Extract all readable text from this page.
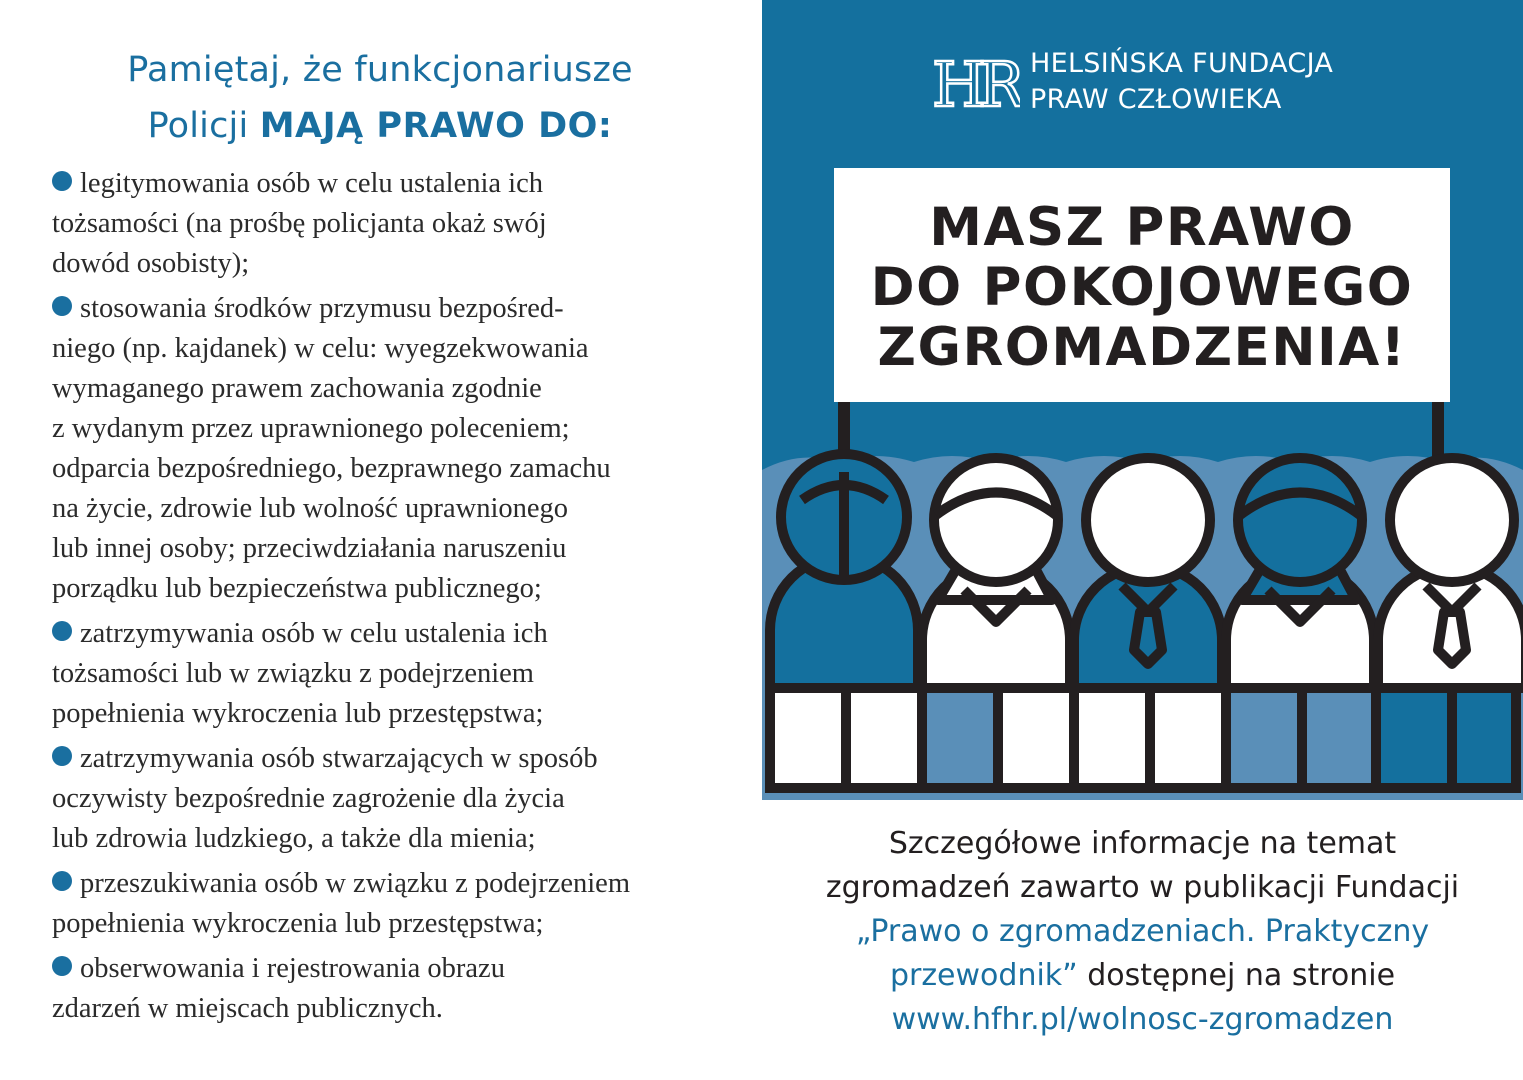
Pamiętaj, że funkcjonariusze
Policji MAJĄ PRAWO DO:
legitymowania osób w celu ustalenia ich
tożsamości (na prośbę policjanta okaż swój
dowód osobisty);
stosowania środków przymusu bezpośred-
niego (np. kajdanek) w celu: wyegzekwowania
wymaganego prawem zachowania zgodnie
z wydanym przez uprawnionego poleceniem;
odparcia bezpośredniego, bezprawnego zamachu
na życie, zdrowie lub wolność uprawnionego
lub innej osoby; przeciwdziałania naruszeniu
porządku lub bezpieczeństwa publicznego;
zatrzymywania osób w celu ustalenia ich
tożsamości lub w związku z podejrzeniem
popełnienia wykroczenia lub przestępstwa;
zatrzymywania osób stwarzających w sposób
oczywisty bezpośrednie zagrożenie dla życia
lub zdrowia ludzkiego, a także dla mienia;
przeszukiwania osób w związku z podejrzeniem
popełnienia wykroczenia lub przestępstwa;
obserwowania i rejestrowania obrazu
zdarzeń w miejscach publicznych.
HR HELSIŃSKA FUNDACJA
PRAW CZŁOWIEKA
MASZ PRAWO
DO POKOJOWEGO
ZGROMADZENIA!
Szczegółowe informacje na temat
zgromadzeń zawarto w publikacji Fundacji
„Prawo o zgromadzeniach. Praktyczny
przewodnik” dostępnej na stronie
www.hfhr.pl/wolnosc-zgromadzen
